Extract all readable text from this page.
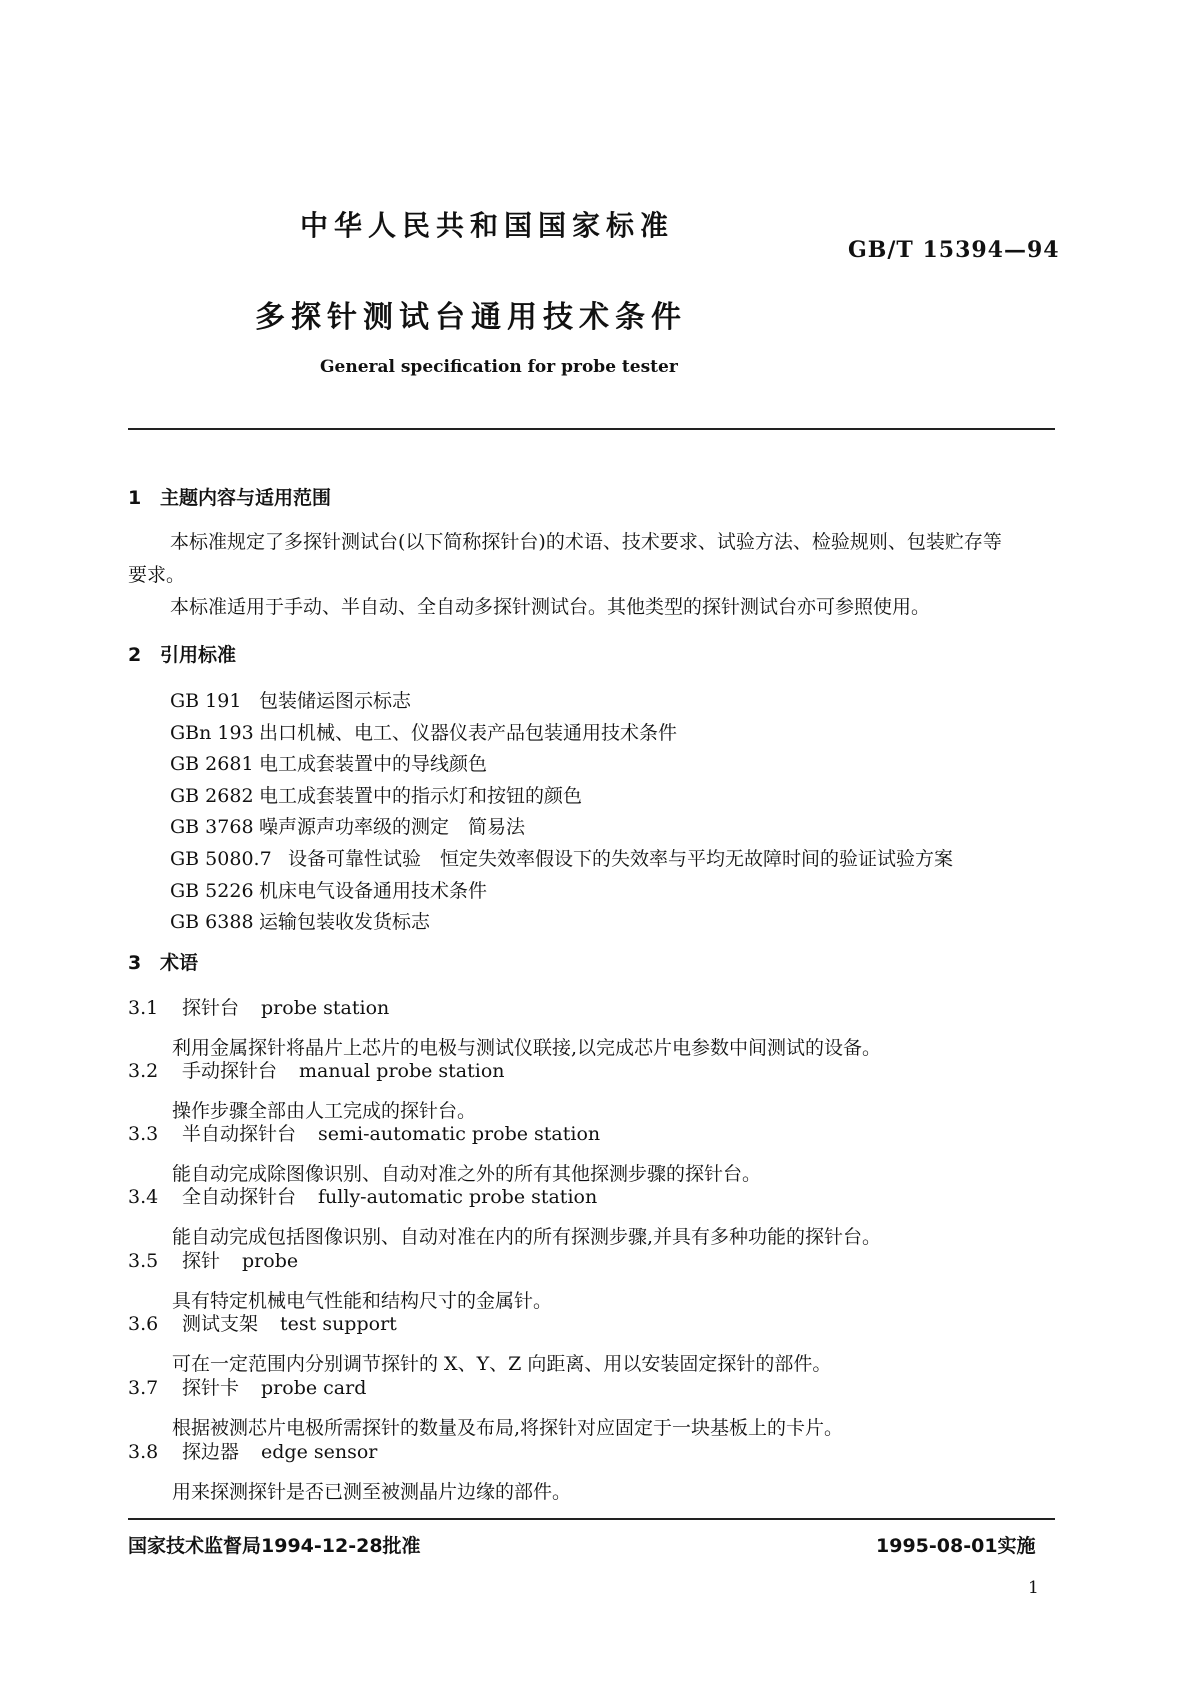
中华人民共和国国家标准
GB/T 15394—94
多探针测试台通用技术条件
General specification for probe tester
1 主题内容与适用范围
本标准规定了多探针测试台(以下简称探针台)的术语、技术要求、试验方法、检验规则、包装贮存等
要求。
本标准适用于手动、半自动、全自动多探针测试台。其他类型的探针测试台亦可参照使用。
2 引用标准
GB 191 包装储运图示标志
GBn 193 出口机械、电工、仪器仪表产品包装通用技术条件
GB 2681 电工成套装置中的导线颜色
GB 2682 电工成套装置中的指示灯和按钮的颜色
GB 3768 噪声源声功率级的测定　简易法
GB 5080.7 设备可靠性试验　恒定失效率假设下的失效率与平均无故障时间的验证试验方案
GB 5226 机床电气设备通用技术条件
GB 6388 运输包装收发货标志
3 术语
3.1 探针台 probe station
利用金属探针将晶片上芯片的电极与测试仪联接,以完成芯片电参数中间测试的设备。
3.2 手动探针台 manual probe station
操作步骤全部由人工完成的探针台。
3.3 半自动探针台 semi-automatic probe station
能自动完成除图像识别、自动对准之外的所有其他探测步骤的探针台。
3.4 全自动探针台 fully-automatic probe station
能自动完成包括图像识别、自动对准在内的所有探测步骤,并具有多种功能的探针台。
3.5 探针 probe
具有特定机械电气性能和结构尺寸的金属针。
3.6 测试支架 test support
可在一定范围内分别调节探针的 X、Y、Z 向距离、用以安装固定探针的部件。
3.7 探针卡 probe card
根据被测芯片电极所需探针的数量及布局,将探针对应固定于一块基板上的卡片。
3.8 探边器 edge sensor
用来探测探针是否已测至被测晶片边缘的部件。
国家技术监督局1994-12-28批准	1995-08-01实施
1
